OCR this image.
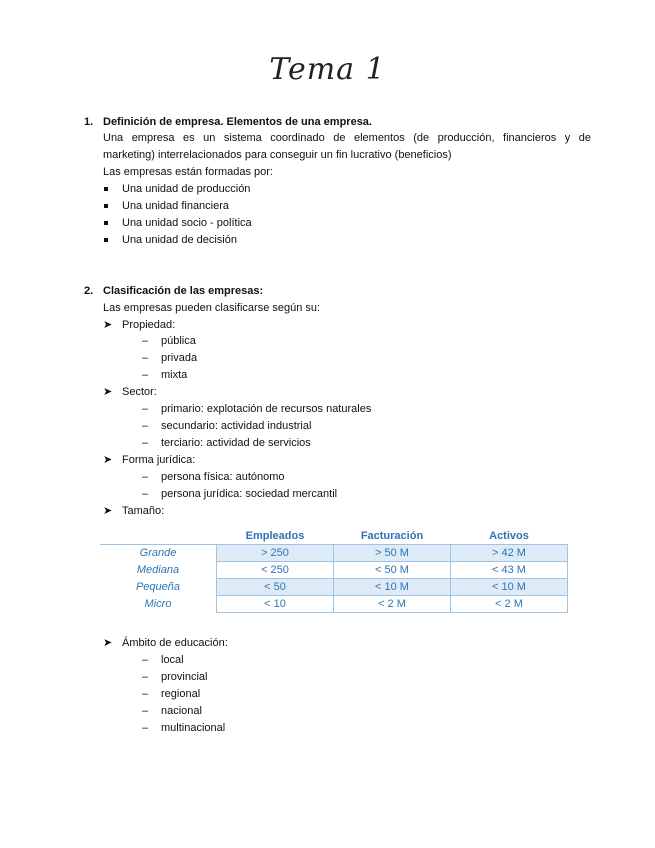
Tema 1
1. Definición de empresa. Elementos de una empresa.
Una empresa es un sistema coordinado de elementos (de producción, financieros y de
marketing) interrelacionados para conseguir un fin lucrativo (beneficios)
Las empresas están formadas por:
Una unidad de producción
Una unidad financiera
Una unidad socio - política
Una unidad de decisión
2. Clasificación de las empresas:
Las empresas pueden clasificarse según su:
➤ Propiedad:
– pública
– privada
– mixta
➤ Sector:
– primario: explotación de recursos naturales
– secundario: actividad industrial
– terciario: actividad de servicios
➤ Forma jurídica:
– persona física: autónomo
– persona jurídica: sociedad mercantil
➤ Tamaño:
	Empleados	Facturación	Activos
Grande	> 250	> 50 M	> 42 M
Mediana	< 250	< 50 M	< 43 M
Pequeña	< 50	< 10 M	< 10 M
Micro	< 10	< 2 M	< 2 M
➤ Ámbito de educación:
– local
– provincial
– regional
– nacional
– multinacional
